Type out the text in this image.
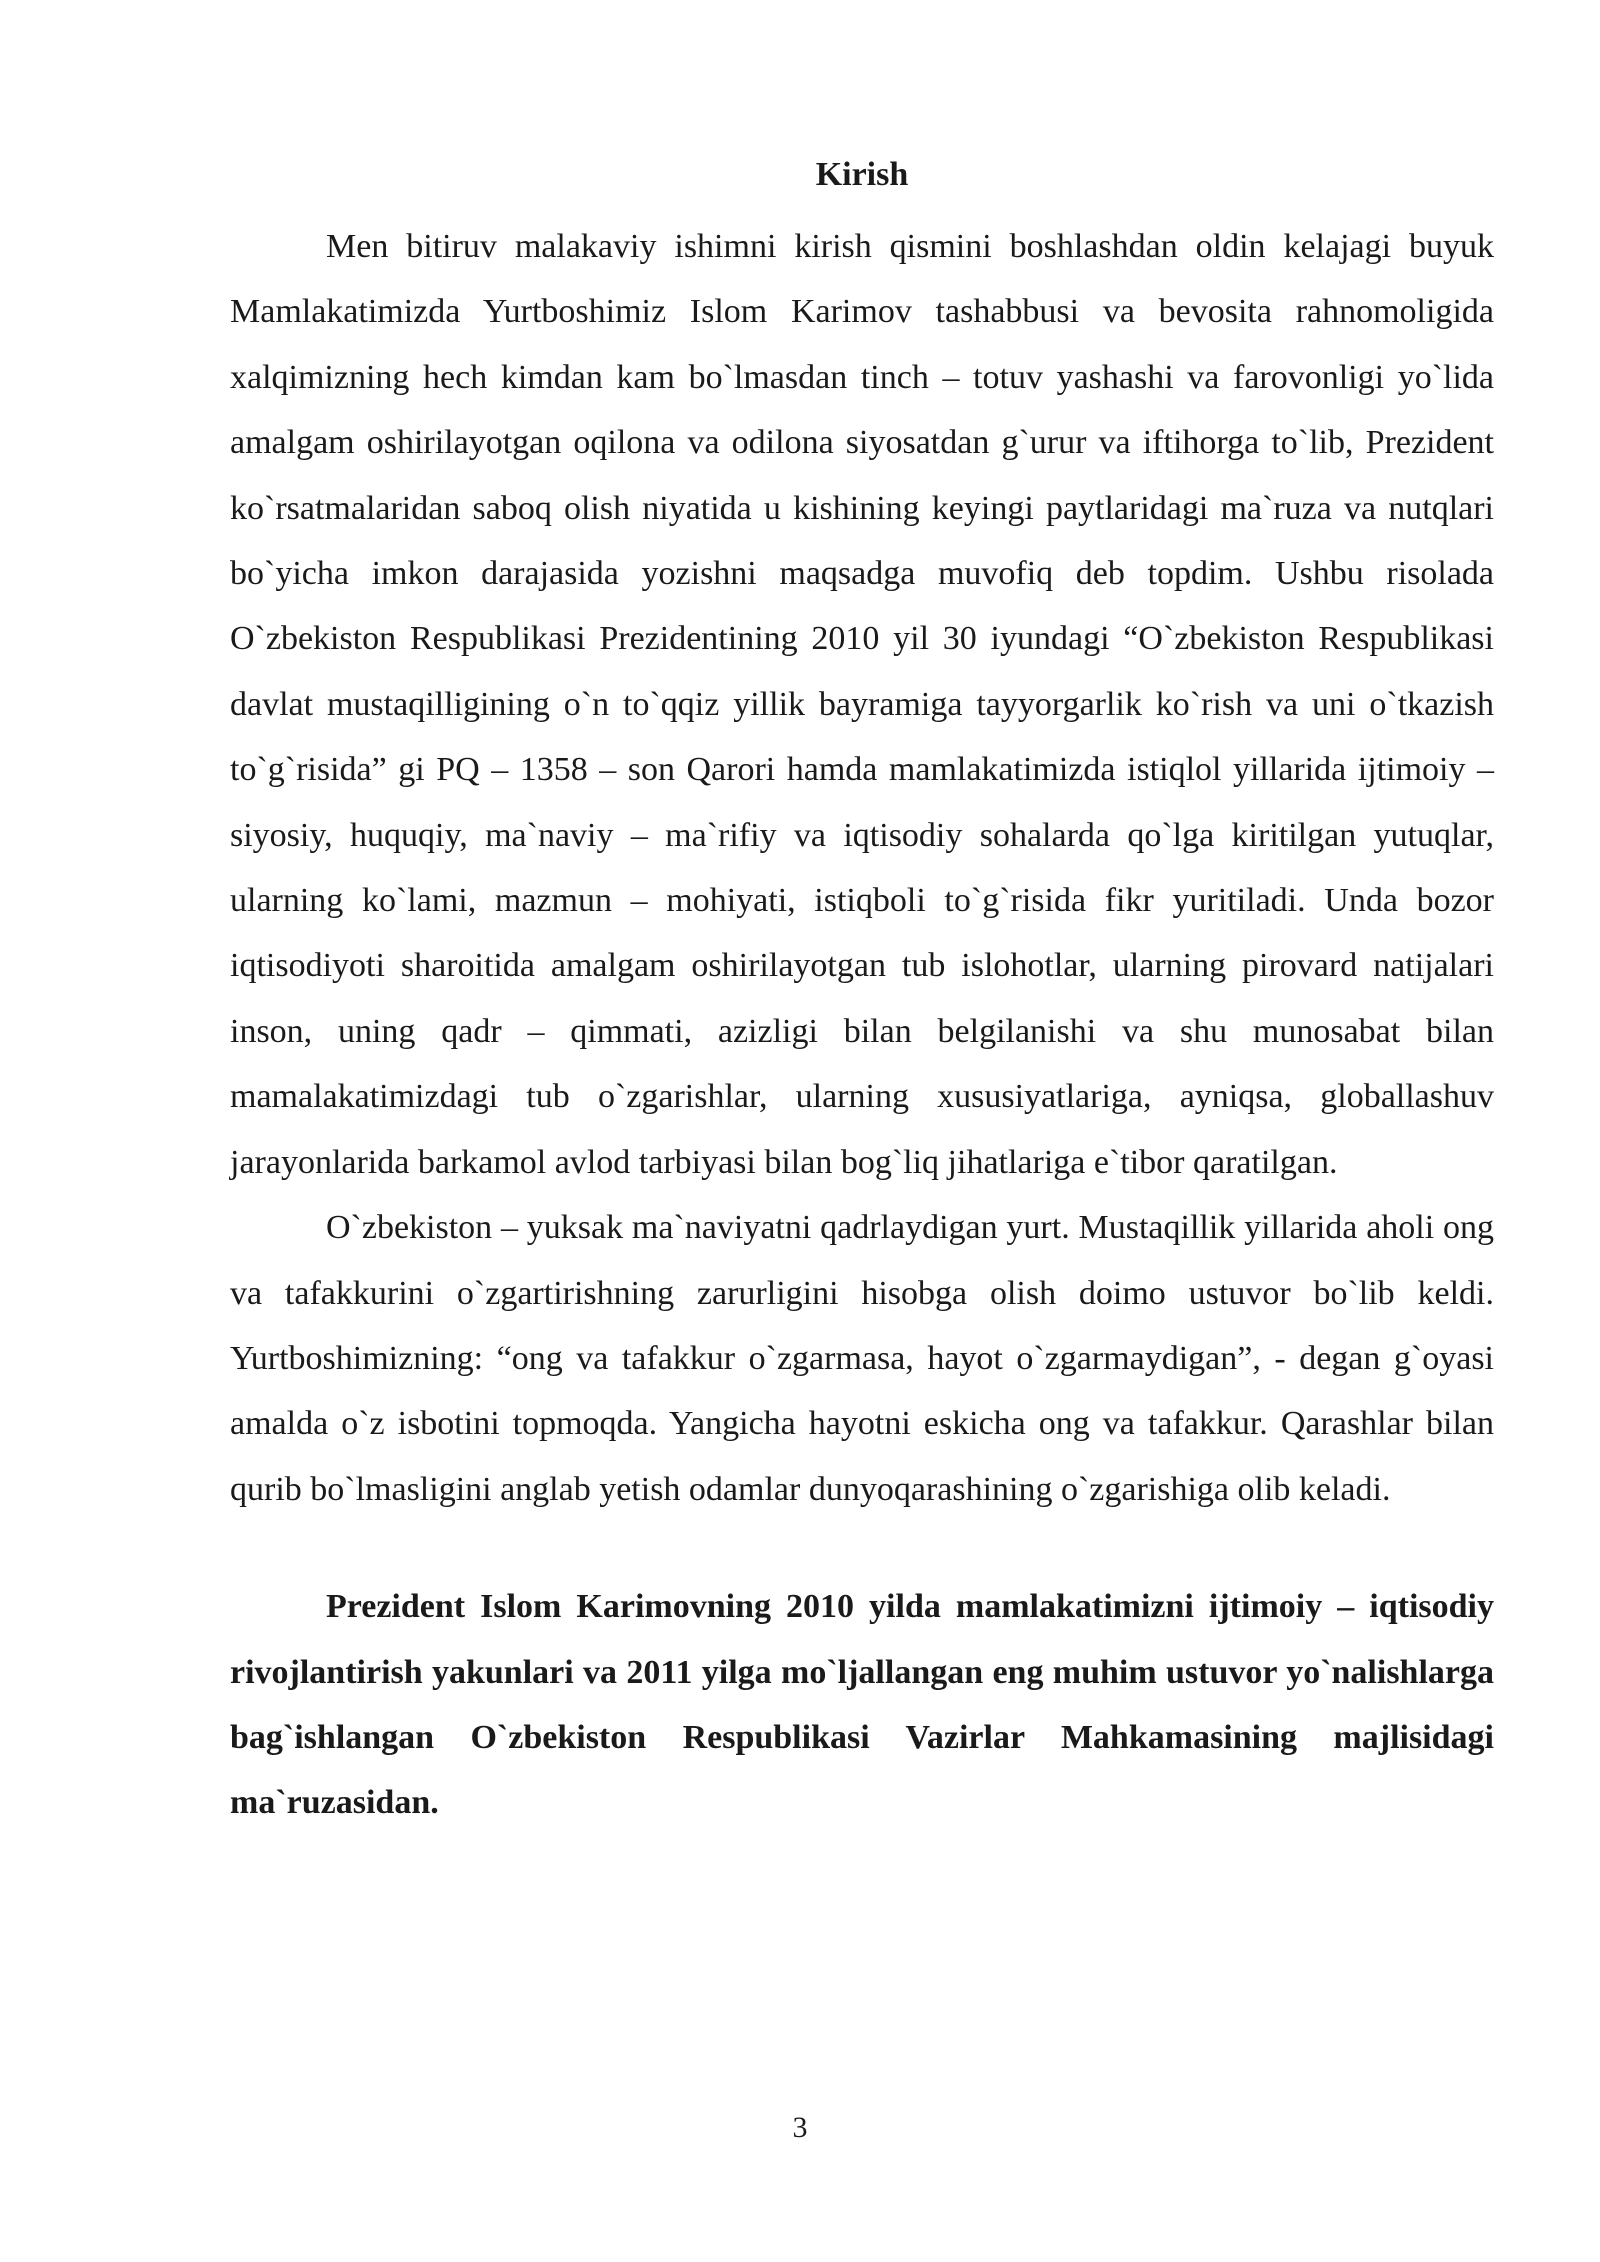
Kirish

Men bitiruv malakaviy ishimni kirish qismini boshlashdan oldin kelajagi buyuk Mamlakatimizda Yurtboshimiz Islom Karimov tashabbusi va bevosita rahnomoligida xalqimizning hech kimdan kam bo`lmasdan tinch – totuv yashashi va farovonligi yo`lida amalgam oshirilayotgan oqilona va odilona siyosatdan g`urur va iftihorga to`lib, Prezident ko`rsatmalaridan saboq olish niyatida u kishining keyingi paytlaridagi ma`ruza va nutqlari bo`yicha imkon darajasida yozishni maqsadga muvofiq deb topdim. Ushbu risolada O`zbekiston Respublikasi Prezidentining 2010 yil 30 iyundagi “O`zbekiston Respublikasi davlat mustaqilligining o`n to`qqiz yillik bayramiga tayyorgarlik ko`rish va uni o`tkazish to`g`risida” gi PQ – 1358 – son Qarori hamda mamlakatimizda istiqlol yillarida ijtimoiy – siyosiy, huquqiy, ma`naviy – ma`rifiy va iqtisodiy sohalarda qo`lga kiritilgan yutuqlar, ularning ko`lami, mazmun – mohiyati, istiqboli to`g`risida fikr yuritiladi. Unda bozor iqtisodiyoti sharoitida amalgam oshirilayotgan tub islohotlar, ularning pirovard natijalari inson, uning qadr – qimmati, azizligi bilan belgilanishi va shu munosabat bilan mamalakatimizdagi tub o`zgarishlar, ularning xususiyatlariga, ayniqsa, globallashuv jarayonlarida barkamol avlod tarbiyasi bilan bog`liq jihatlariga e`tibor qaratilgan.

O`zbekiston – yuksak ma`naviyatni qadrlaydigan yurt. Mustaqillik yillarida aholi ong va tafakkurini o`zgartirishning zarurligini hisobga olish doimo ustuvor bo`lib keldi. Yurtboshimizning: “ong va tafakkur o`zgarmasa, hayot o`zgarmaydigan”, - degan g`oyasi amalda o`z isbotini topmoqda. Yangicha hayotni eskicha ong va tafakkur. Qarashlar bilan qurib bo`lmasligini anglab yetish odamlar dunyoqarashining o`zgarishiga olib keladi.

Prezident Islom Karimovning 2010 yilda mamlakatimizni ijtimoiy – iqtisodiy rivojlantirish yakunlari va 2011 yilga mo`ljallangan eng muhim ustuvor yo`nalishlarga bag`ishlangan O`zbekiston Respublikasi Vazirlar Mahkamasining majlisidagi ma`ruzasidan.

3
